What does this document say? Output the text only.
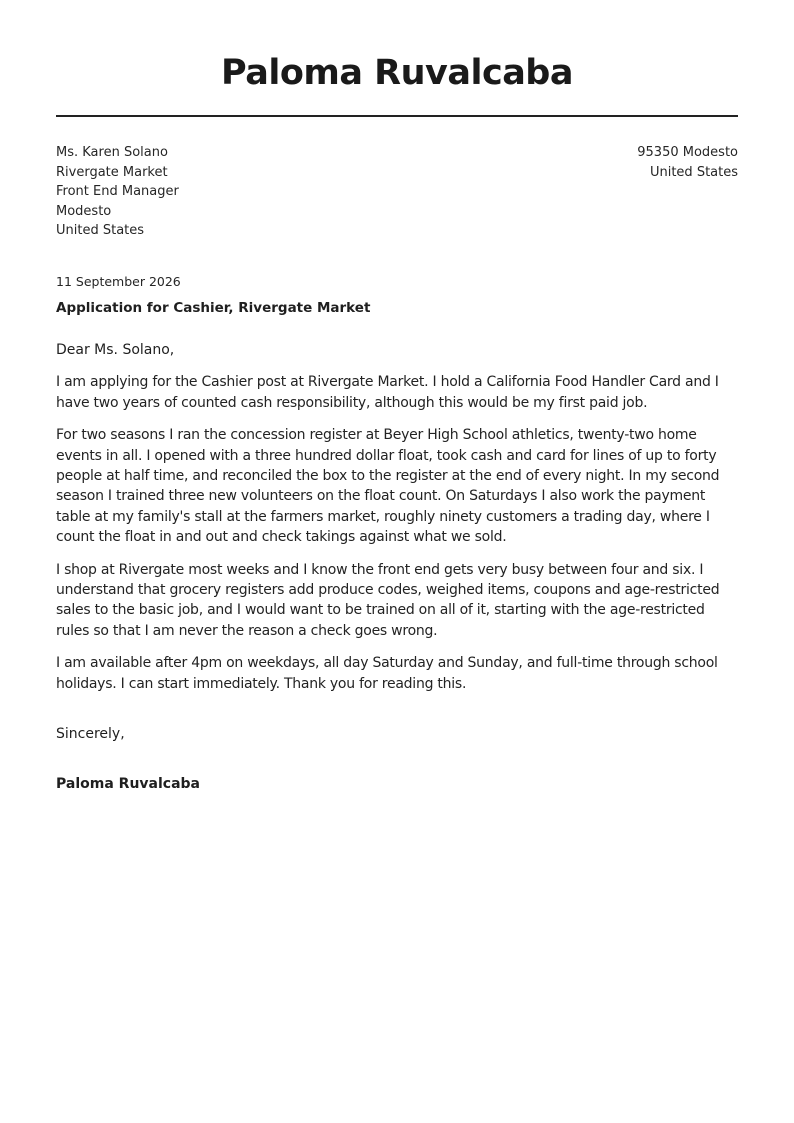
Paloma Ruvalcaba
Ms. Karen Solano
Rivergate Market
Front End Manager
Modesto
United States
95350 Modesto
United States
11 September 2026
Application for Cashier, Rivergate Market
Dear Ms. Solano,

I am applying for the Cashier post at Rivergate Market. I hold a California Food Handler Card and I have two years of counted cash responsibility, although this would be my first paid job.

For two seasons I ran the concession register at Beyer High School athletics, twenty-two home events in all. I opened with a three hundred dollar float, took cash and card for lines of up to forty people at half time, and reconciled the box to the register at the end of every night. In my second season I trained three new volunteers on the float count. On Saturdays I also work the payment table at my family's stall at the farmers market, roughly ninety customers a trading day, where I count the float in and out and check takings against what we sold.

I shop at Rivergate most weeks and I know the front end gets very busy between four and six. I understand that grocery registers add produce codes, weighed items, coupons and age-restricted sales to the basic job, and I would want to be trained on all of it, starting with the age-restricted rules so that I am never the reason a check goes wrong.

I am available after 4pm on weekdays, all day Saturday and Sunday, and full-time through school holidays. I can start immediately. Thank you for reading this.

Sincerely,
Paloma Ruvalcaba
